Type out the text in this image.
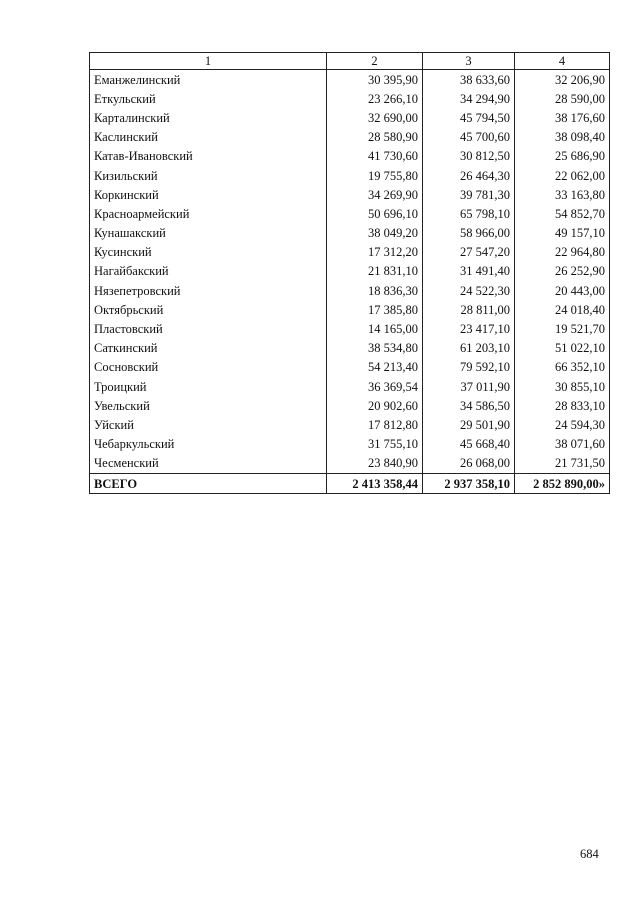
1	2	3	4
Еманжелинский	30 395,90	38 633,60	32 206,90
Еткульский	23 266,10	34 294,90	28 590,00
Карталинский	32 690,00	45 794,50	38 176,60
Каслинский	28 580,90	45 700,60	38 098,40
Катав-Ивановский	41 730,60	30 812,50	25 686,90
Кизильский	19 755,80	26 464,30	22 062,00
Коркинский	34 269,90	39 781,30	33 163,80
Красноармейский	50 696,10	65 798,10	54 852,70
Кунашакский	38 049,20	58 966,00	49 157,10
Кусинский	17 312,20	27 547,20	22 964,80
Нагайбакский	21 831,10	31 491,40	26 252,90
Нязепетровский	18 836,30	24 522,30	20 443,00
Октябрьский	17 385,80	28 811,00	24 018,40
Пластовский	14 165,00	23 417,10	19 521,70
Саткинский	38 534,80	61 203,10	51 022,10
Сосновский	54 213,40	79 592,10	66 352,10
Троицкий	36 369,54	37 011,90	30 855,10
Увельский	20 902,60	34 586,50	28 833,10
Уйский	17 812,80	29 501,90	24 594,30
Чебаркульский	31 755,10	45 668,40	38 071,60
Чесменский	23 840,90	26 068,00	21 731,50
ВСЕГО	2 413 358,44	2 937 358,10	2 852 890,00»
684
